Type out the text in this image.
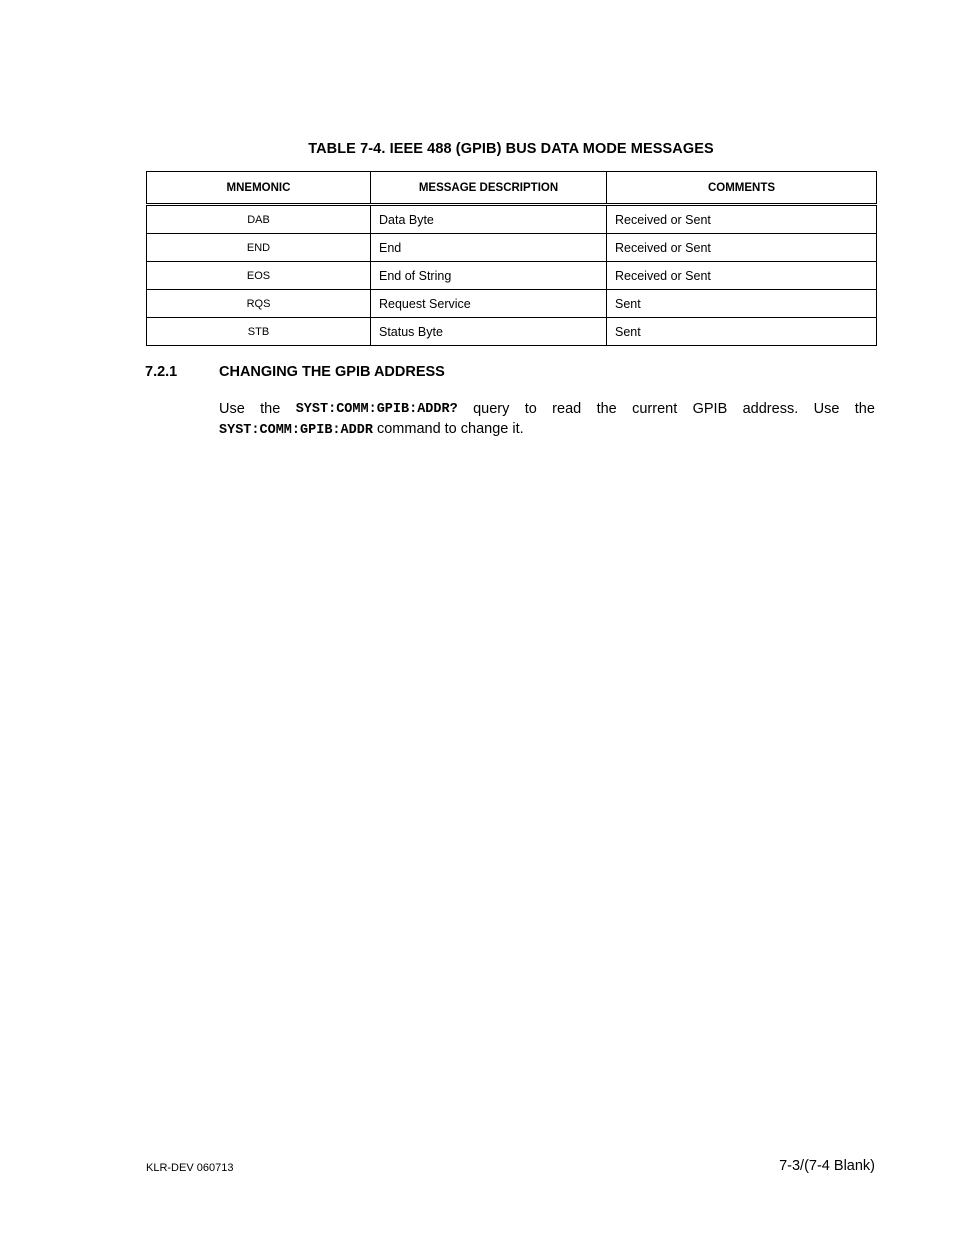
TABLE 7-4. IEEE 488 (GPIB) BUS DATA MODE MESSAGES
MNEMONIC	MESSAGE DESCRIPTION	COMMENTS
DAB	Data Byte	Received or Sent
END	End	Received or Sent
EOS	End of String	Received or Sent
RQS	Request Service	Sent
STB	Status Byte	Sent
7.2.1	CHANGING THE GPIB ADDRESS
Use the SYST:COMM:GPIB:ADDR? query to read the current GPIB address. Use the
SYST:COMM:GPIB:ADDR command to change it.
KLR-DEV 060713	7-3/(7-4 Blank)
